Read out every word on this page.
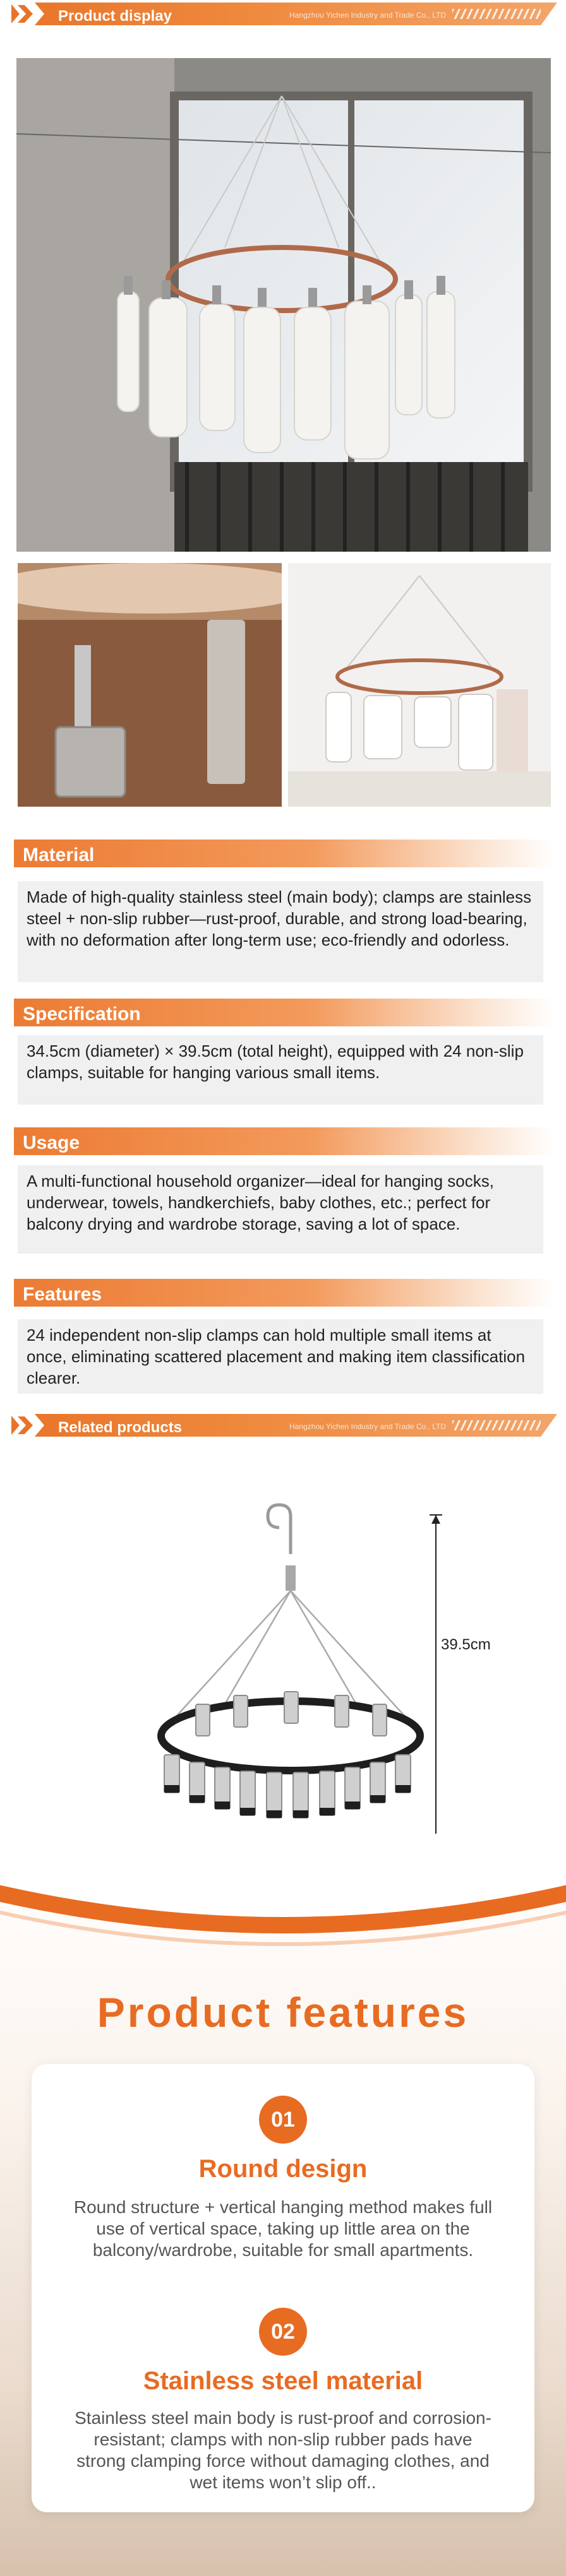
Product display	Hangzhou Yichen Industry and Trade Co., LTD
Material
Made of high-quality stainless steel (main body); clamps are stainless steel + non-slip rubber—rust-proof, durable, and strong load-bearing, with no deformation after long-term use; eco-friendly and odorless.
Specification
34.5cm (diameter) × 39.5cm (total height), equipped with 24 non-slip clamps, suitable for hanging various small items.
Usage
A multi-functional household organizer—ideal for hanging socks, underwear, towels, handkerchiefs, baby clothes, etc.; perfect for balcony drying and wardrobe storage, saving a lot of space.
Features
24 independent non-slip clamps can hold multiple small items at once, eliminating scattered placement and making item classification clearer.
Related products	Hangzhou Yichen Industry and Trade Co., LTD
39.5cm
Product features
01
Round design
Round structure + vertical hanging method makes full use of vertical space, taking up little area on the balcony/wardrobe, suitable for small apartments.
02
Stainless steel material
Stainless steel main body is rust-proof and corrosion-resistant; clamps with non-slip rubber pads have strong clamping force without damaging clothes, and wet items won’t slip off..
